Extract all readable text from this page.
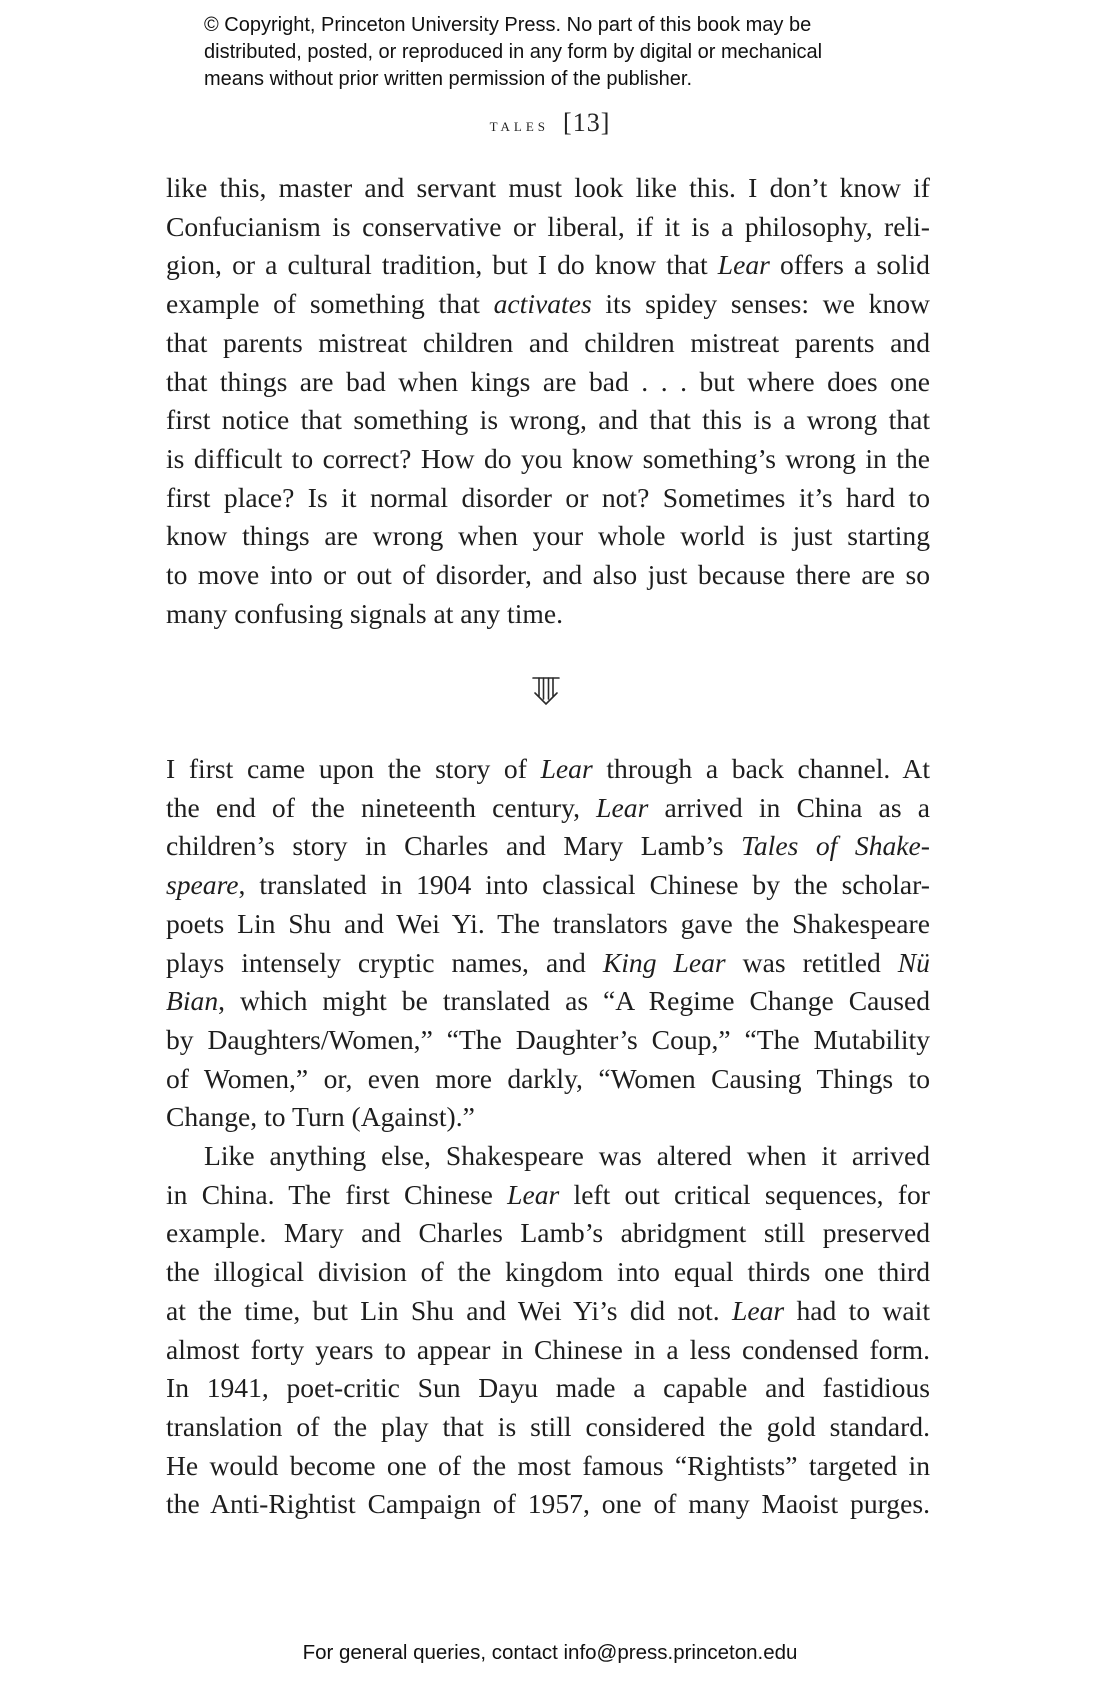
© Copyright, Princeton University Press. No part of this book may be
distributed, posted, or reproduced in any form by digital or mechanical
means without prior written permission of the publisher.
tales [13]
like this, master and servant must look like this. I don’t know if
Confucianism is conservative or liberal, if it is a philosophy, reli-
gion, or a cultural tradition, but I do know that Lear offers a solid
example of something that activates its spidey senses: we know
that parents mistreat children and children mistreat parents and
that things are bad when kings are bad . . . but where does one
first notice that something is wrong, and that this is a wrong that
is difficult to correct? How do you know something’s wrong in the
first place? Is it normal disorder or not? Sometimes it’s hard to
know things are wrong when your whole world is just starting
to move into or out of disorder, and also just because there are so
many confusing signals at any time.
I first came upon the story of Lear through a back channel. At
the end of the nineteenth century, Lear arrived in China as a
children’s story in Charles and Mary Lamb’s Tales of Shake-
speare, translated in 1904 into classical Chinese by the scholar-
poets Lin Shu and Wei Yi. The translators gave the Shakespeare
plays intensely cryptic names, and King Lear was retitled Nü
Bian, which might be translated as “A Regime Change Caused
by Daughters/Women,” “The Daughter’s Coup,” “The Mutability
of Women,” or, even more darkly, “Women Causing Things to
Change, to Turn (Against).”
Like anything else, Shakespeare was altered when it arrived
in China. The first Chinese Lear left out critical sequences, for
example. Mary and Charles Lamb’s abridgment still preserved
the illogical division of the kingdom into equal thirds one third
at the time, but Lin Shu and Wei Yi’s did not. Lear had to wait
almost forty years to appear in Chinese in a less condensed form.
In 1941, poet-critic Sun Dayu made a capable and fastidious
translation of the play that is still considered the gold standard.
He would become one of the most famous “Rightists” targeted in
the Anti-Rightist Campaign of 1957, one of many Maoist purges.
For general queries, contact info@press.princeton.edu
